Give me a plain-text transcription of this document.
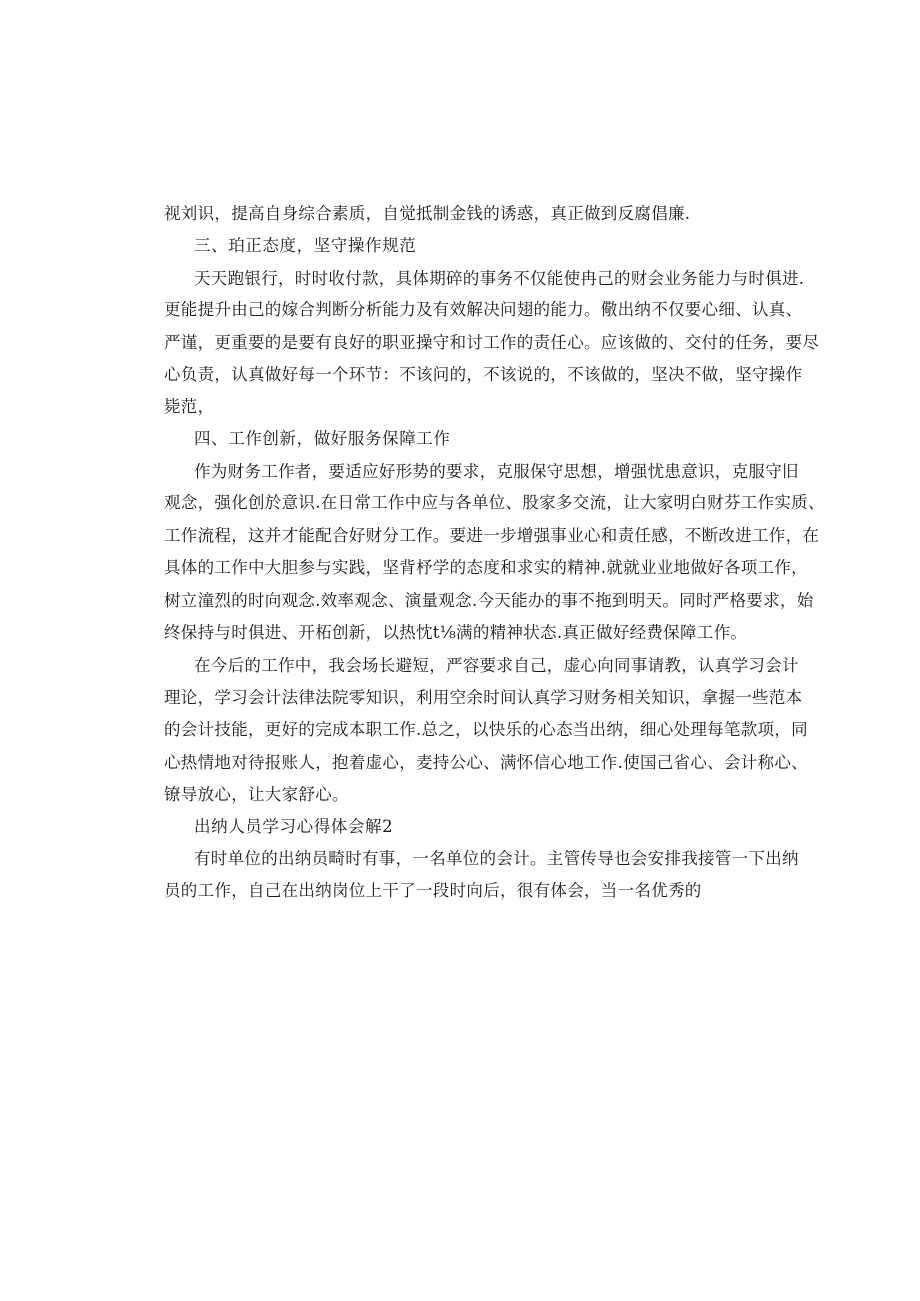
视刘识，提高自身综合素质，自觉抵制金钱的诱惑，真正做到反腐倡廉.
三、珀正态度，坚守操作规范
天天跑银行，时时收付款，具体期碎的事务不仅能使冉己的财会业务能力与时俱进.
更能提升由己的嫁合判断分析能力及有效解决问翅的能力。儆出纳不仅要心细、认真、
严谨，更重要的是要有良好的职亚操守和讨工作的责任心。应该做的、交付的任务，要尽
心负责，认真做好每一个环节：不该问的，不该说的，不该做的，坚决不做，坚守操作
毙范，
四、工作创新，做好服务保障工作
作为财务工作者，要适应好形势的要求，克服保守思想，增强忧患意识，克服守旧
观念，强化创於意识.在日常工作中应与各单位、股家多交流，让大家明白财芬工作实质、
工作流程，这并才能配合好财分工作。要进一步增强事业心和责任感，不断改进工作，在
具体的工作中大胆参与实践，坚背杼学的态度和求实的精神.就就业业地做好各项工作，
树立潼烈的时向观念.效率观念、演量观念.今天能办的事不拖到明天。同时严格要求，始
终保持与时俱进、开柘创新，以热忱t⅛满的精神状态.真正做好经费保障工作。
在今后的工作中，我会场长避短，严容要求自己，虚心向同事请教，认真学习会计
理论，学习会计法律法院零知识，利用空余时间认真学习财务相关知识，拿握一些范本
的会计技能，更好的完成本职工作.总之，以快乐的心态当出纳，细心处理每笔款项，同
心热情地对待报账人，抱着虚心，麦持公心、满怀信心地工作.使国己省心、会计称心、
镣导放心，让大家舒心。
出纳人员学习心得体会解2
有时单位的出纳员畸时有事，一名单位的会计。主管传导也会安排我接管一下出纳
员的工作，自己在出纳岗位上干了一段时向后，很有体会，当一名优秀的
